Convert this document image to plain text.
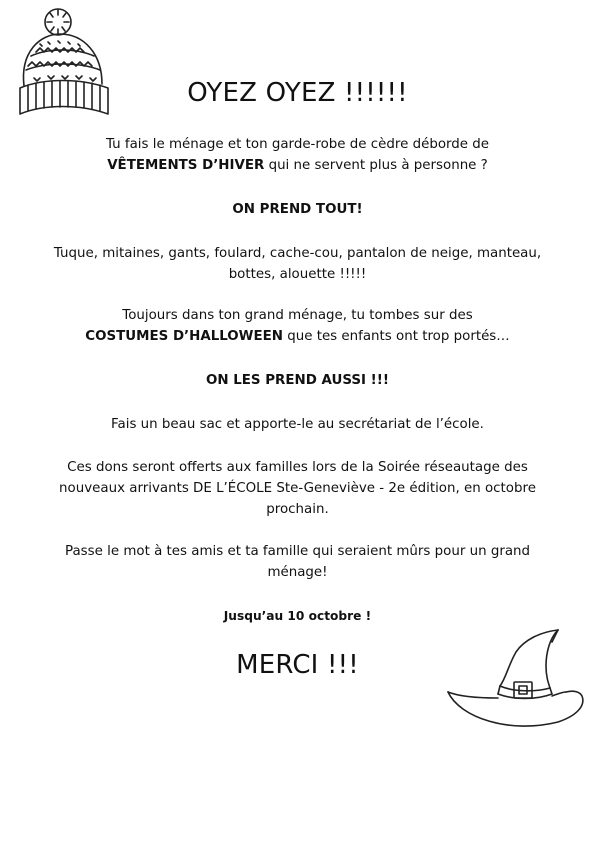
OYEZ OYEZ !!!!!!

Tu fais le ménage et ton garde-robe de cèdre déborde de
VÊTEMENTS D’HIVER qui ne servent plus à personne ?

ON PREND TOUT!

Tuque, mitaines, gants, foulard, cache-cou, pantalon de neige, manteau, bottes, alouette !!!!!

Toujours dans ton grand ménage, tu tombes sur des
COSTUMES D’HALLOWEEN que tes enfants ont trop portés…

ON LES PREND AUSSI !!!

Fais un beau sac et apporte-le au secrétariat de l’école.

Ces dons seront offerts aux familles lors de la Soirée réseautage des nouveaux arrivants DE L’ÉCOLE Ste-Geneviève - 2e édition, en octobre prochain.

Passe le mot à tes amis et ta famille qui seraient mûrs pour un grand ménage!

Jusqu’au 10 octobre !

MERCI !!!
